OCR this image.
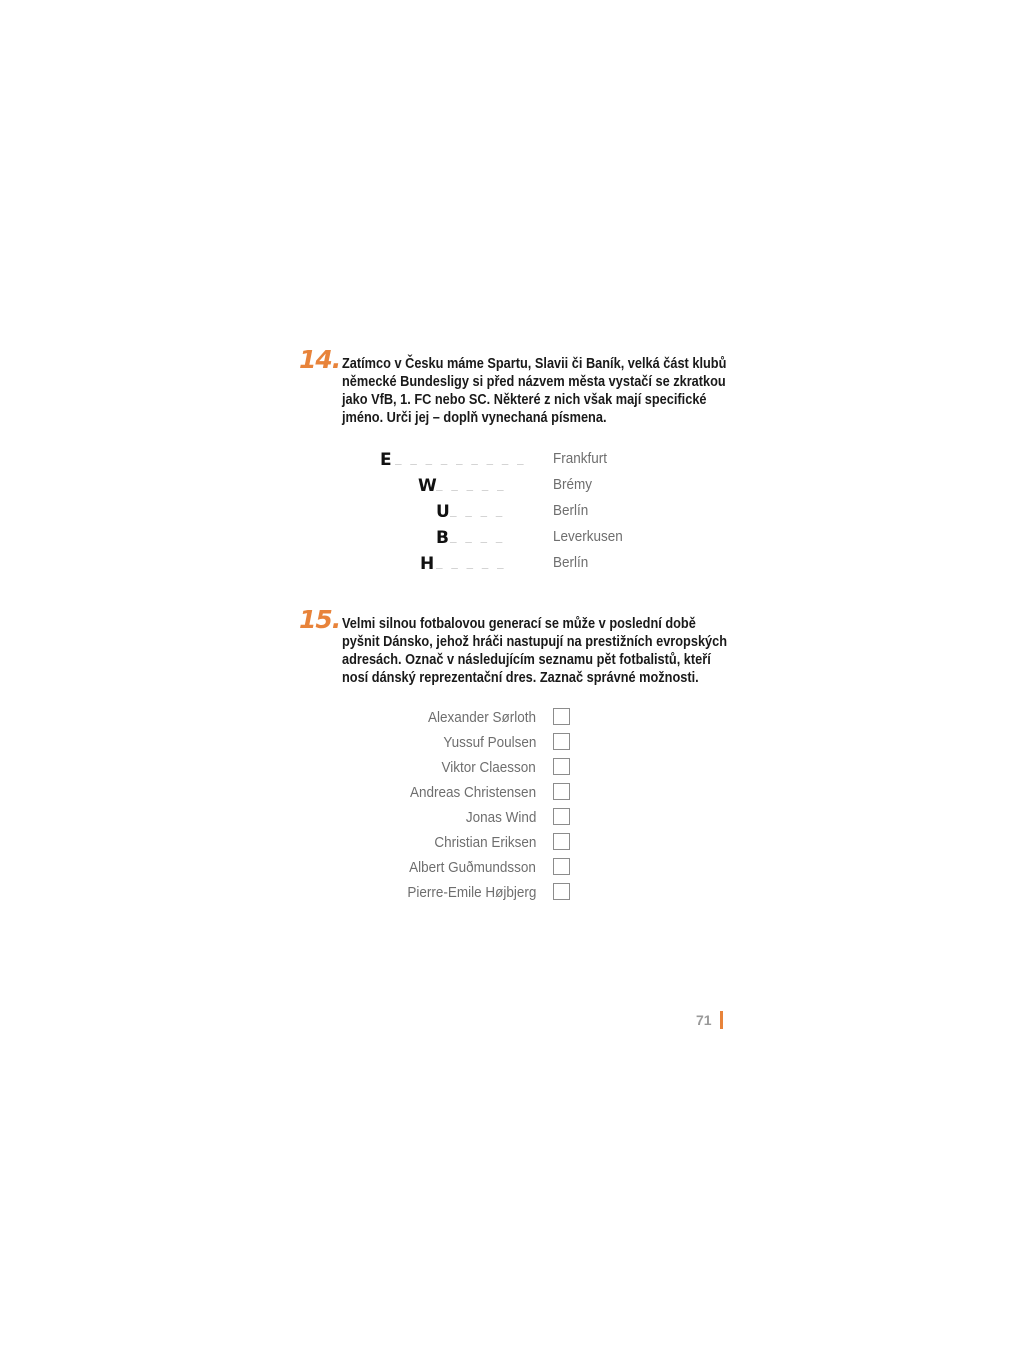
14. Zatímco v Česku máme Spartu, Slavii či Baník, velká část klubů
německé Bundesligy si před názvem města vystačí se zkratkou
jako VfB, 1. FC nebo SC. Některé z nich však mají specifické
jméno. Urči jej – doplň vynechaná písmena.
E _ _ _ _ _ _ _ _ _ Frankfurt
W _ _ _ _ _	Brémy
U _ _ _ _	Berlín
B _ _ _ _	Leverkusen
H _ _ _ _ _	Berlín
15. Velmi silnou fotbalovou generací se může v poslední době
pyšnit Dánsko, jehož hráči nastupují na prestižních evropských
adresách. Označ v následujícím seznamu pět fotbalistů, kteří
nosí dánský reprezentační dres. Zaznač správné možnosti.
Alexander Sørloth
Yussuf Poulsen
Viktor Claesson
Andreas Christensen
Jonas Wind
Christian Eriksen
Albert Guðmundsson
Pierre-Emile Højbjerg
71
